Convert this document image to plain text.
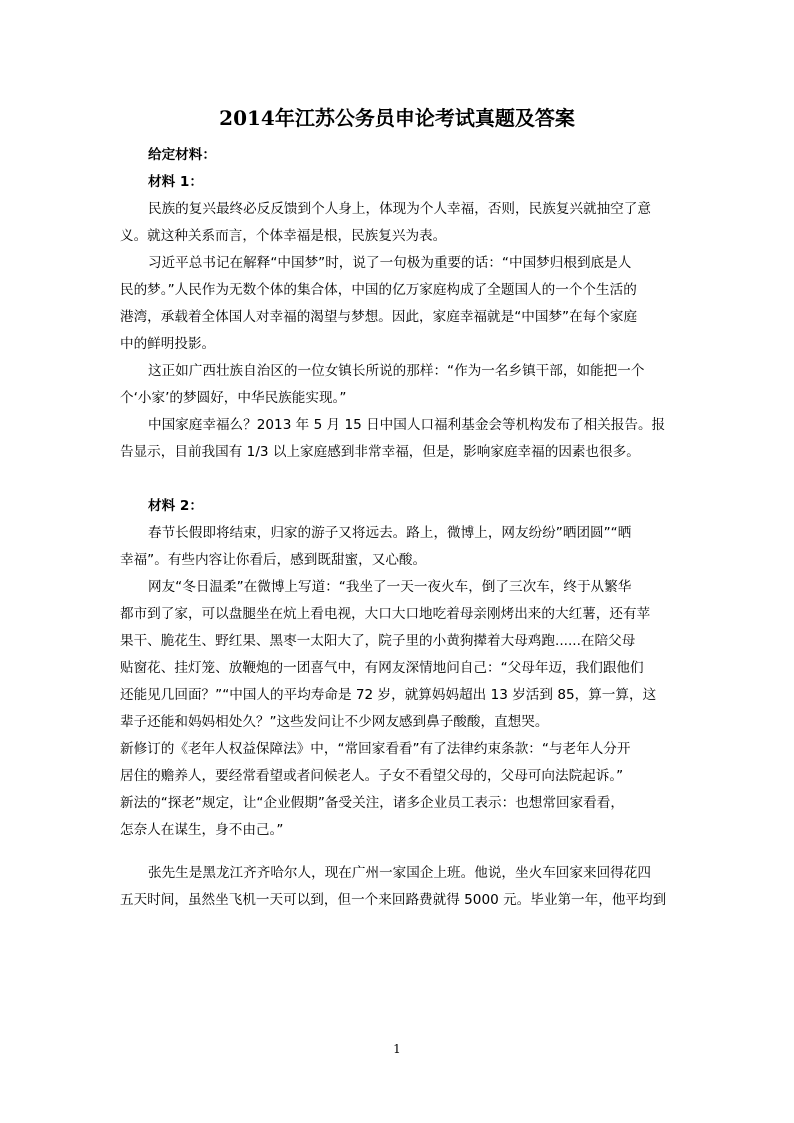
2014年江苏公务员申论考试真题及答案

给定材料：

材料 1：

民族的复兴最终必反反馈到个人身上，体现为个人幸福，否则，民族复兴就抽空了意

义。就这种关系而言，个体幸福是根，民族复兴为表。

习近平总书记在解释“中国梦”时，说了一句极为重要的话：“中国梦归根到底是人

民的梦。”人民作为无数个体的集合体，中国的亿万家庭构成了全题国人的一个个生活的

港湾，承载着全体国人对幸福的渴望与梦想。因此，家庭幸福就是“中国梦”在每个家庭

中的鲜明投影。

这正如广西壮族自治区的一位女镇长所说的那样：“作为一名乡镇干部，如能把一个

个‘小家’的梦圆好，中华民族能实现。”

中国家庭幸福么？2013 年 5 月 15 日中国人口福利基金会等机构发布了相关报告。报

告显示，目前我国有 1/3 以上家庭感到非常幸福，但是，影响家庭幸福的因素也很多。

材料 2：

春节长假即将结束，归家的游子又将远去。路上，微博上，网友纷纷”晒团圆”“晒

幸福”。有些内容让你看后，感到既甜蜜，又心酸。

网友“冬日温柔”在微博上写道：“我坐了一天一夜火车，倒了三次车，终于从繁华

都市到了家，可以盘腿坐在炕上看电视，大口大口地吃着母亲刚烤出来的大红薯，还有苹

果干、脆花生、野红果、黑枣一太阳大了，院子里的小黄狗撵着大母鸡跑......在陪父母

贴窗花、挂灯笼、放鞭炮的一团喜气中，有网友深情地问自己：“父母年迈，我们跟他们

还能见几回面？”“中国人的平均寿命是 72 岁，就算妈妈超出 13 岁活到 85，算一算，这

辈子还能和妈妈相处久？”这些发问让不少网友感到鼻子酸酸，直想哭。

新修订的《老年人权益保障法》中，“常回家看看”有了法律约束条款：“与老年人分开

居住的赡养人，要经常看望或者问候老人。子女不看望父母的，父母可向法院起诉。”

新法的“探老”规定，让“企业假期”备受关注，诸多企业员工表示：也想常回家看看，

怎奈人在谋生，身不由己。”

张先生是黑龙江齐齐哈尔人，现在广州一家国企上班。他说，坐火车回家来回得花四

五天时间，虽然坐飞机一天可以到，但一个来回路费就得 5000 元。毕业第一年，他平均到

1
